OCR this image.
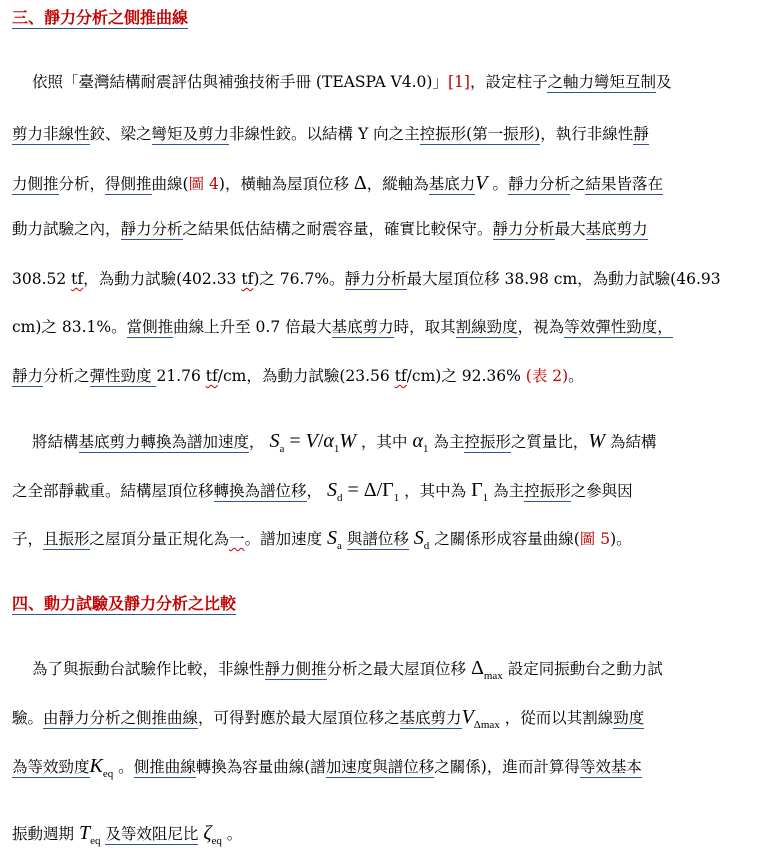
三、靜力分析之側推曲線
依照「臺灣結構耐震評估與補強技術手冊 (TEASPA V4.0)」[1]，設定柱子之軸力彎矩互制及
剪力非線性鉸、梁之彎矩及剪力非線性鉸。以結構 Y 向之主控振形(第一振形)，執行非線性靜
力側推分析，得側推曲線(圖 4)，橫軸為屋頂位移 Δ，縱軸為基底力V 。靜力分析之結果皆落在
動力試驗之內，靜力分析之結果低估結構之耐震容量，確實比較保守。靜力分析最大基底剪力
308.52 tf，為動力試驗(402.33 tf)之 76.7%。靜力分析最大屋頂位移 38.98 cm，為動力試驗(46.93
cm)之 83.1%。當側推曲線上升至 0.7 倍最大基底剪力時，取其割線勁度，視為等效彈性勁度，
靜力分析之彈性勁度 21.76 tf/cm，為動力試驗(23.56 tf/cm)之 92.36% (表 2)。
將結構基底剪力轉換為譜加速度， $S_a = V/\alpha_1W$ ，其中 $\alpha_1$ 為主控振形之質量比，W 為結構
之全部靜載重。結構屋頂位移轉換為譜位移， $S_d = \Delta/\Gamma_1$ ，其中為 $\Gamma_1$ 為主控振形之參與因
子，且振形之屋頂分量正規化為一。譜加速度 $S_a$ 與譜位移 $S_d$ 之關係形成容量曲線(圖 5)。
四、動力試驗及靜力分析之比較
為了與振動台試驗作比較，非線性靜力側推分析之最大屋頂位移 $\Delta_{max}$ 設定同振動台之動力試
驗。由靜力分析之側推曲線，可得對應於最大屋頂位移之基底剪力$V_{\Delta max}$ ，從而以其割線勁度
為等效勁度$K_{eq}$ 。側推曲線轉換為容量曲線(譜加速度與譜位移之關係)，進而計算得等效基本
振動週期 $T_{eq}$ 及等效阻尼比 $\zeta_{eq}$ 。
